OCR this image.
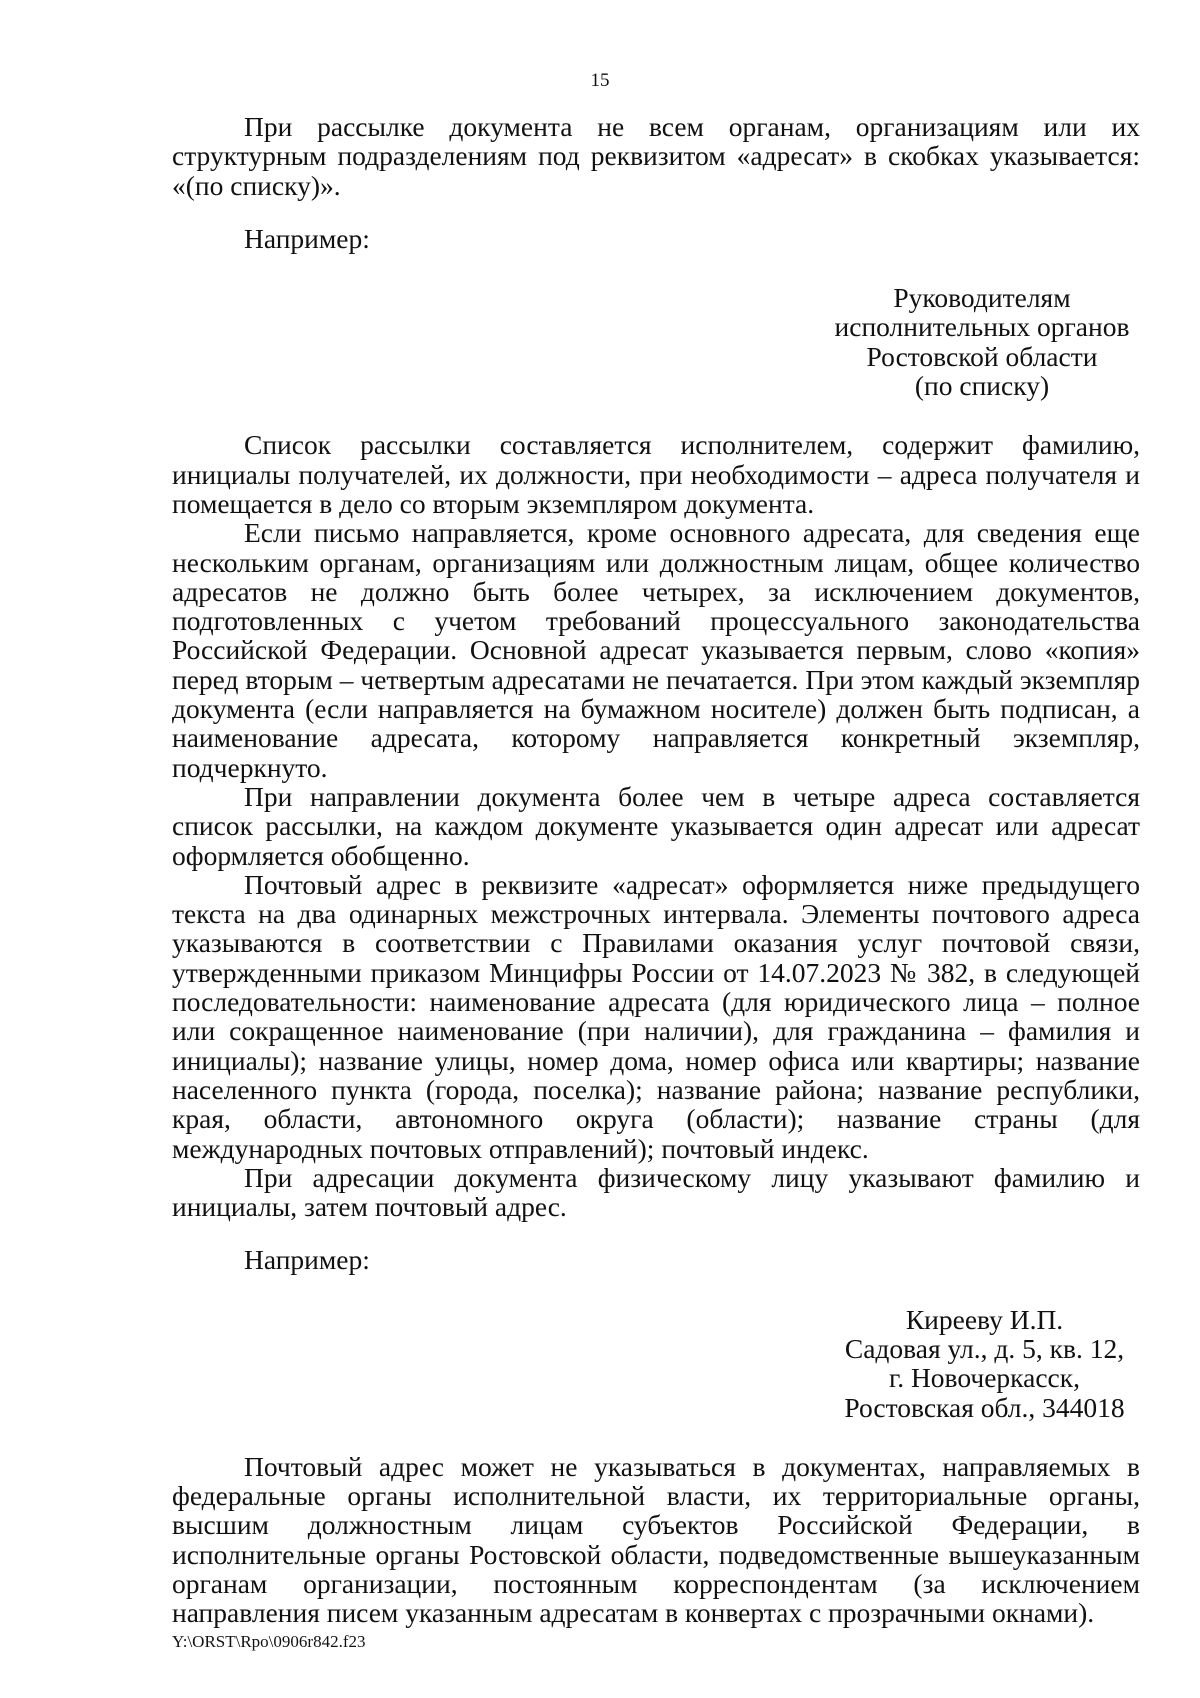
15

При рассылке документа не всем органам, организациям или их структурным подразделениям под реквизитом «адресат» в скобках указывается: «(по списку)».

Например:

Руководителям
исполнительных органов
Ростовской области
(по списку)

Список рассылки составляется исполнителем, содержит фамилию, инициалы получателей, их должности, при необходимости – адреса получателя и помещается в дело со вторым экземпляром документа.

Если письмо направляется, кроме основного адресата, для сведения еще нескольким органам, организациям или должностным лицам, общее количество адресатов не должно быть более четырех, за исключением документов, подготовленных с учетом требований процессуального законодательства Российской Федерации. Основной адресат указывается первым, слово «копия» перед вторым – четвертым адресатами не печатается. При этом каждый экземпляр документа (если направляется на бумажном носителе) должен быть подписан, а наименование адресата, которому направляется конкретный экземпляр, подчеркнуто.

При направлении документа более чем в четыре адреса составляется список рассылки, на каждом документе указывается один адресат или адресат оформляется обобщенно.

Почтовый адрес в реквизите «адресат» оформляется ниже предыдущего текста на два одинарных межстрочных интервала. Элементы почтового адреса указываются в соответствии с Правилами оказания услуг почтовой связи, утвержденными приказом Минцифры России от 14.07.2023 № 382, в следующей последовательности: наименование адресата (для юридического лица – полное или сокращенное наименование (при наличии), для гражданина – фамилия и инициалы); название улицы, номер дома, номер офиса или квартиры; название населенного пункта (города, поселка); название района; название республики, края, области, автономного округа (области); название страны (для международных почтовых отправлений); почтовый индекс.

При адресации документа физическому лицу указывают фамилию и инициалы, затем почтовый адрес.

Например:

Кирееву И.П.
Садовая ул., д. 5, кв. 12,
г. Новочеркасск,
Ростовская обл., 344018

Почтовый адрес может не указываться в документах, направляемых в федеральные органы исполнительной власти, их территориальные органы, высшим должностным лицам субъектов Российской Федерации, в исполнительные органы Ростовской области, подведомственные вышеуказанным органам организации, постоянным корреспондентам (за исключением направления писем указанным адресатам в конвертах с прозрачными окнами).

Y:\ORST\Rpo\0906r842.f23
